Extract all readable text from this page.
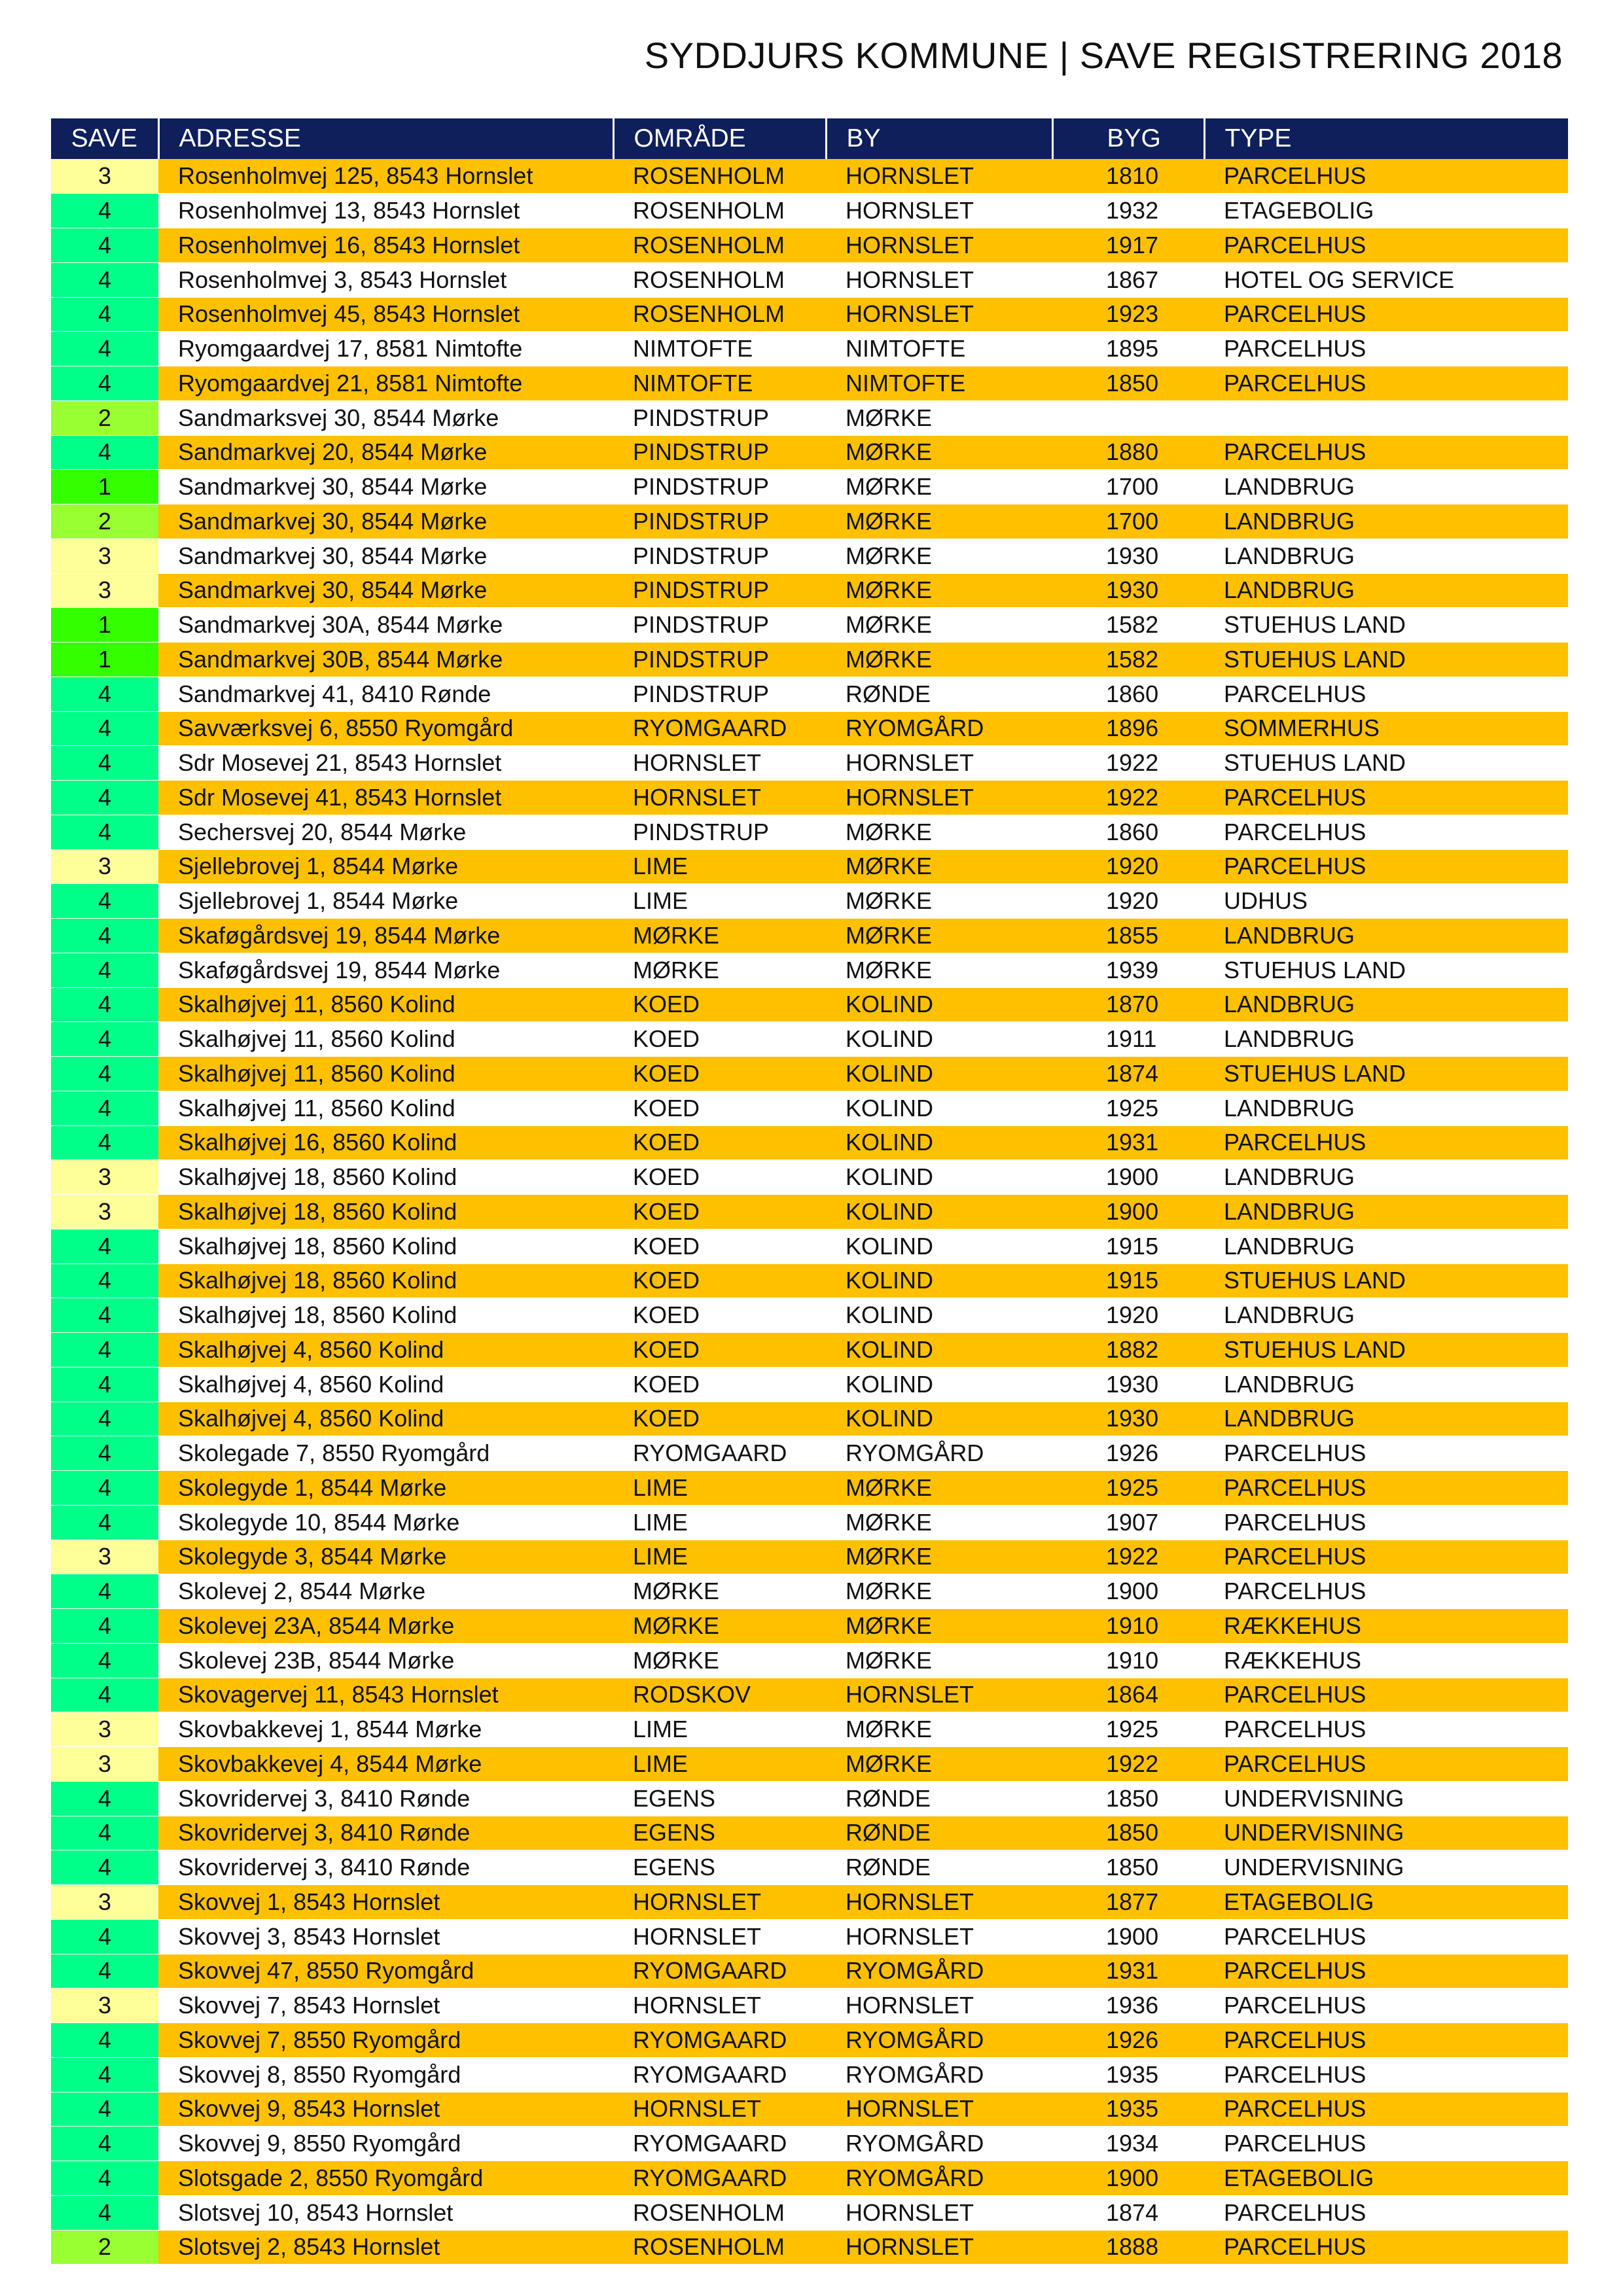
SYDDJURS KOMMUNE | SAVE REGISTRERING 2018
SAVE	ADRESSE	OMRÅDE	BY	BYG	TYPE
3	Rosenholmvej 125, 8543 Hornslet	ROSENHOLM	HORNSLET	1810	PARCELHUS
4	Rosenholmvej 13, 8543 Hornslet	ROSENHOLM	HORNSLET	1932	ETAGEBOLIG
4	Rosenholmvej 16, 8543 Hornslet	ROSENHOLM	HORNSLET	1917	PARCELHUS
4	Rosenholmvej 3, 8543 Hornslet	ROSENHOLM	HORNSLET	1867	HOTEL OG SERVICE
4	Rosenholmvej 45, 8543 Hornslet	ROSENHOLM	HORNSLET	1923	PARCELHUS
4	Ryomgaardvej 17, 8581 Nimtofte	NIMTOFTE	NIMTOFTE	1895	PARCELHUS
4	Ryomgaardvej 21, 8581 Nimtofte	NIMTOFTE	NIMTOFTE	1850	PARCELHUS
2	Sandmarksvej 30, 8544 Mørke	PINDSTRUP	MØRKE		
4	Sandmarkvej 20, 8544 Mørke	PINDSTRUP	MØRKE	1880	PARCELHUS
1	Sandmarkvej 30, 8544 Mørke	PINDSTRUP	MØRKE	1700	LANDBRUG
2	Sandmarkvej 30, 8544 Mørke	PINDSTRUP	MØRKE	1700	LANDBRUG
3	Sandmarkvej 30, 8544 Mørke	PINDSTRUP	MØRKE	1930	LANDBRUG
3	Sandmarkvej 30, 8544 Mørke	PINDSTRUP	MØRKE	1930	LANDBRUG
1	Sandmarkvej 30A, 8544 Mørke	PINDSTRUP	MØRKE	1582	STUEHUS LAND
1	Sandmarkvej 30B, 8544 Mørke	PINDSTRUP	MØRKE	1582	STUEHUS LAND
4	Sandmarkvej 41, 8410 Rønde	PINDSTRUP	RØNDE	1860	PARCELHUS
4	Savværksvej 6, 8550 Ryomgård	RYOMGAARD	RYOMGÅRD	1896	SOMMERHUS
4	Sdr Mosevej 21, 8543 Hornslet	HORNSLET	HORNSLET	1922	STUEHUS LAND
4	Sdr Mosevej 41, 8543 Hornslet	HORNSLET	HORNSLET	1922	PARCELHUS
4	Sechersvej 20, 8544 Mørke	PINDSTRUP	MØRKE	1860	PARCELHUS
3	Sjellebrovej 1, 8544 Mørke	LIME	MØRKE	1920	PARCELHUS
4	Sjellebrovej 1, 8544 Mørke	LIME	MØRKE	1920	UDHUS
4	Skaføgårdsvej 19, 8544 Mørke	MØRKE	MØRKE	1855	LANDBRUG
4	Skaføgårdsvej 19, 8544 Mørke	MØRKE	MØRKE	1939	STUEHUS LAND
4	Skalhøjvej 11, 8560 Kolind	KOED	KOLIND	1870	LANDBRUG
4	Skalhøjvej 11, 8560 Kolind	KOED	KOLIND	1911	LANDBRUG
4	Skalhøjvej 11, 8560 Kolind	KOED	KOLIND	1874	STUEHUS LAND
4	Skalhøjvej 11, 8560 Kolind	KOED	KOLIND	1925	LANDBRUG
4	Skalhøjvej 16, 8560 Kolind	KOED	KOLIND	1931	PARCELHUS
3	Skalhøjvej 18, 8560 Kolind	KOED	KOLIND	1900	LANDBRUG
3	Skalhøjvej 18, 8560 Kolind	KOED	KOLIND	1900	LANDBRUG
4	Skalhøjvej 18, 8560 Kolind	KOED	KOLIND	1915	LANDBRUG
4	Skalhøjvej 18, 8560 Kolind	KOED	KOLIND	1915	STUEHUS LAND
4	Skalhøjvej 18, 8560 Kolind	KOED	KOLIND	1920	LANDBRUG
4	Skalhøjvej 4, 8560 Kolind	KOED	KOLIND	1882	STUEHUS LAND
4	Skalhøjvej 4, 8560 Kolind	KOED	KOLIND	1930	LANDBRUG
4	Skalhøjvej 4, 8560 Kolind	KOED	KOLIND	1930	LANDBRUG
4	Skolegade 7, 8550 Ryomgård	RYOMGAARD	RYOMGÅRD	1926	PARCELHUS
4	Skolegyde 1, 8544 Mørke	LIME	MØRKE	1925	PARCELHUS
4	Skolegyde 10, 8544 Mørke	LIME	MØRKE	1907	PARCELHUS
3	Skolegyde 3, 8544 Mørke	LIME	MØRKE	1922	PARCELHUS
4	Skolevej 2, 8544 Mørke	MØRKE	MØRKE	1900	PARCELHUS
4	Skolevej 23A, 8544 Mørke	MØRKE	MØRKE	1910	RÆKKEHUS
4	Skolevej 23B, 8544 Mørke	MØRKE	MØRKE	1910	RÆKKEHUS
4	Skovagervej 11, 8543 Hornslet	RODSKOV	HORNSLET	1864	PARCELHUS
3	Skovbakkevej 1, 8544 Mørke	LIME	MØRKE	1925	PARCELHUS
3	Skovbakkevej 4, 8544 Mørke	LIME	MØRKE	1922	PARCELHUS
4	Skovridervej 3, 8410 Rønde	EGENS	RØNDE	1850	UNDERVISNING
4	Skovridervej 3, 8410 Rønde	EGENS	RØNDE	1850	UNDERVISNING
4	Skovridervej 3, 8410 Rønde	EGENS	RØNDE	1850	UNDERVISNING
3	Skovvej 1, 8543 Hornslet	HORNSLET	HORNSLET	1877	ETAGEBOLIG
4	Skovvej 3, 8543 Hornslet	HORNSLET	HORNSLET	1900	PARCELHUS
4	Skovvej 47, 8550 Ryomgård	RYOMGAARD	RYOMGÅRD	1931	PARCELHUS
3	Skovvej 7, 8543 Hornslet	HORNSLET	HORNSLET	1936	PARCELHUS
4	Skovvej 7, 8550 Ryomgård	RYOMGAARD	RYOMGÅRD	1926	PARCELHUS
4	Skovvej 8, 8550 Ryomgård	RYOMGAARD	RYOMGÅRD	1935	PARCELHUS
4	Skovvej 9, 8543 Hornslet	HORNSLET	HORNSLET	1935	PARCELHUS
4	Skovvej 9, 8550 Ryomgård	RYOMGAARD	RYOMGÅRD	1934	PARCELHUS
4	Slotsgade 2, 8550 Ryomgård	RYOMGAARD	RYOMGÅRD	1900	ETAGEBOLIG
4	Slotsvej 10, 8543 Hornslet	ROSENHOLM	HORNSLET	1874	PARCELHUS
2	Slotsvej 2, 8543 Hornslet	ROSENHOLM	HORNSLET	1888	PARCELHUS
